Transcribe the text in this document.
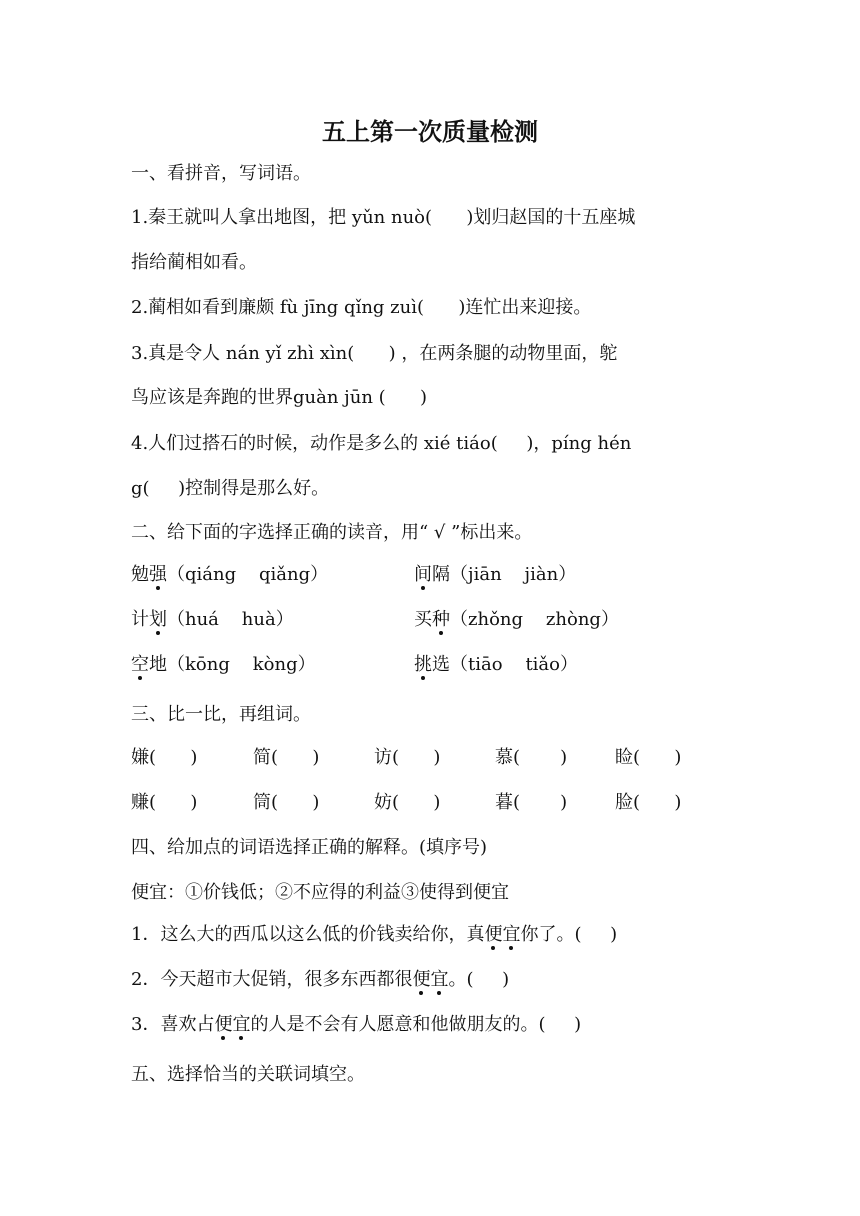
五上第一次质量检测
一、看拼音，写词语。
1.秦王就叫人拿出地图，把 yǔn nuò(      )划归赵国的十五座城
指给蔺相如看。
2.蔺相如看到廉颇 fù jīng qǐng zuì(      )连忙出来迎接。
3.真是令人 nán yǐ zhì xìn(      ) ，在两条腿的动物里面，鸵
鸟应该是奔跑的世界guàn jūn (      )
4.人们过搭石的时候，动作是多么的 xié tiáo(     )，píng hén
g(     )控制得是那么好。
二、给下面的字选择正确的读音，用“ √ ”标出来。
勉强（qiáng    qiǎng）	间隔（jiān    jiàn）
计划（huá    huà）	买种（zhǒng    zhòng）
空地（kōng    kòng）	挑选（tiāo    tiǎo）
三、比一比，再组词。
嫌(      )	简(      )	访(      )	慕(       )	睑(      )
赚(      )	筒(      )	妨(      )	暮(       )	脸(      )
四、给加点的词语选择正确的解释。(填序号)
便宜：①价钱低；②不应得的利益③使得到便宜
1．这么大的西瓜以这么低的价钱卖给你，真便宜你了。(     )
2．今天超市大促销，很多东西都很便宜。(     )
3．喜欢占便宜的人是不会有人愿意和他做朋友的。(     )
五、选择恰当的关联词填空。
